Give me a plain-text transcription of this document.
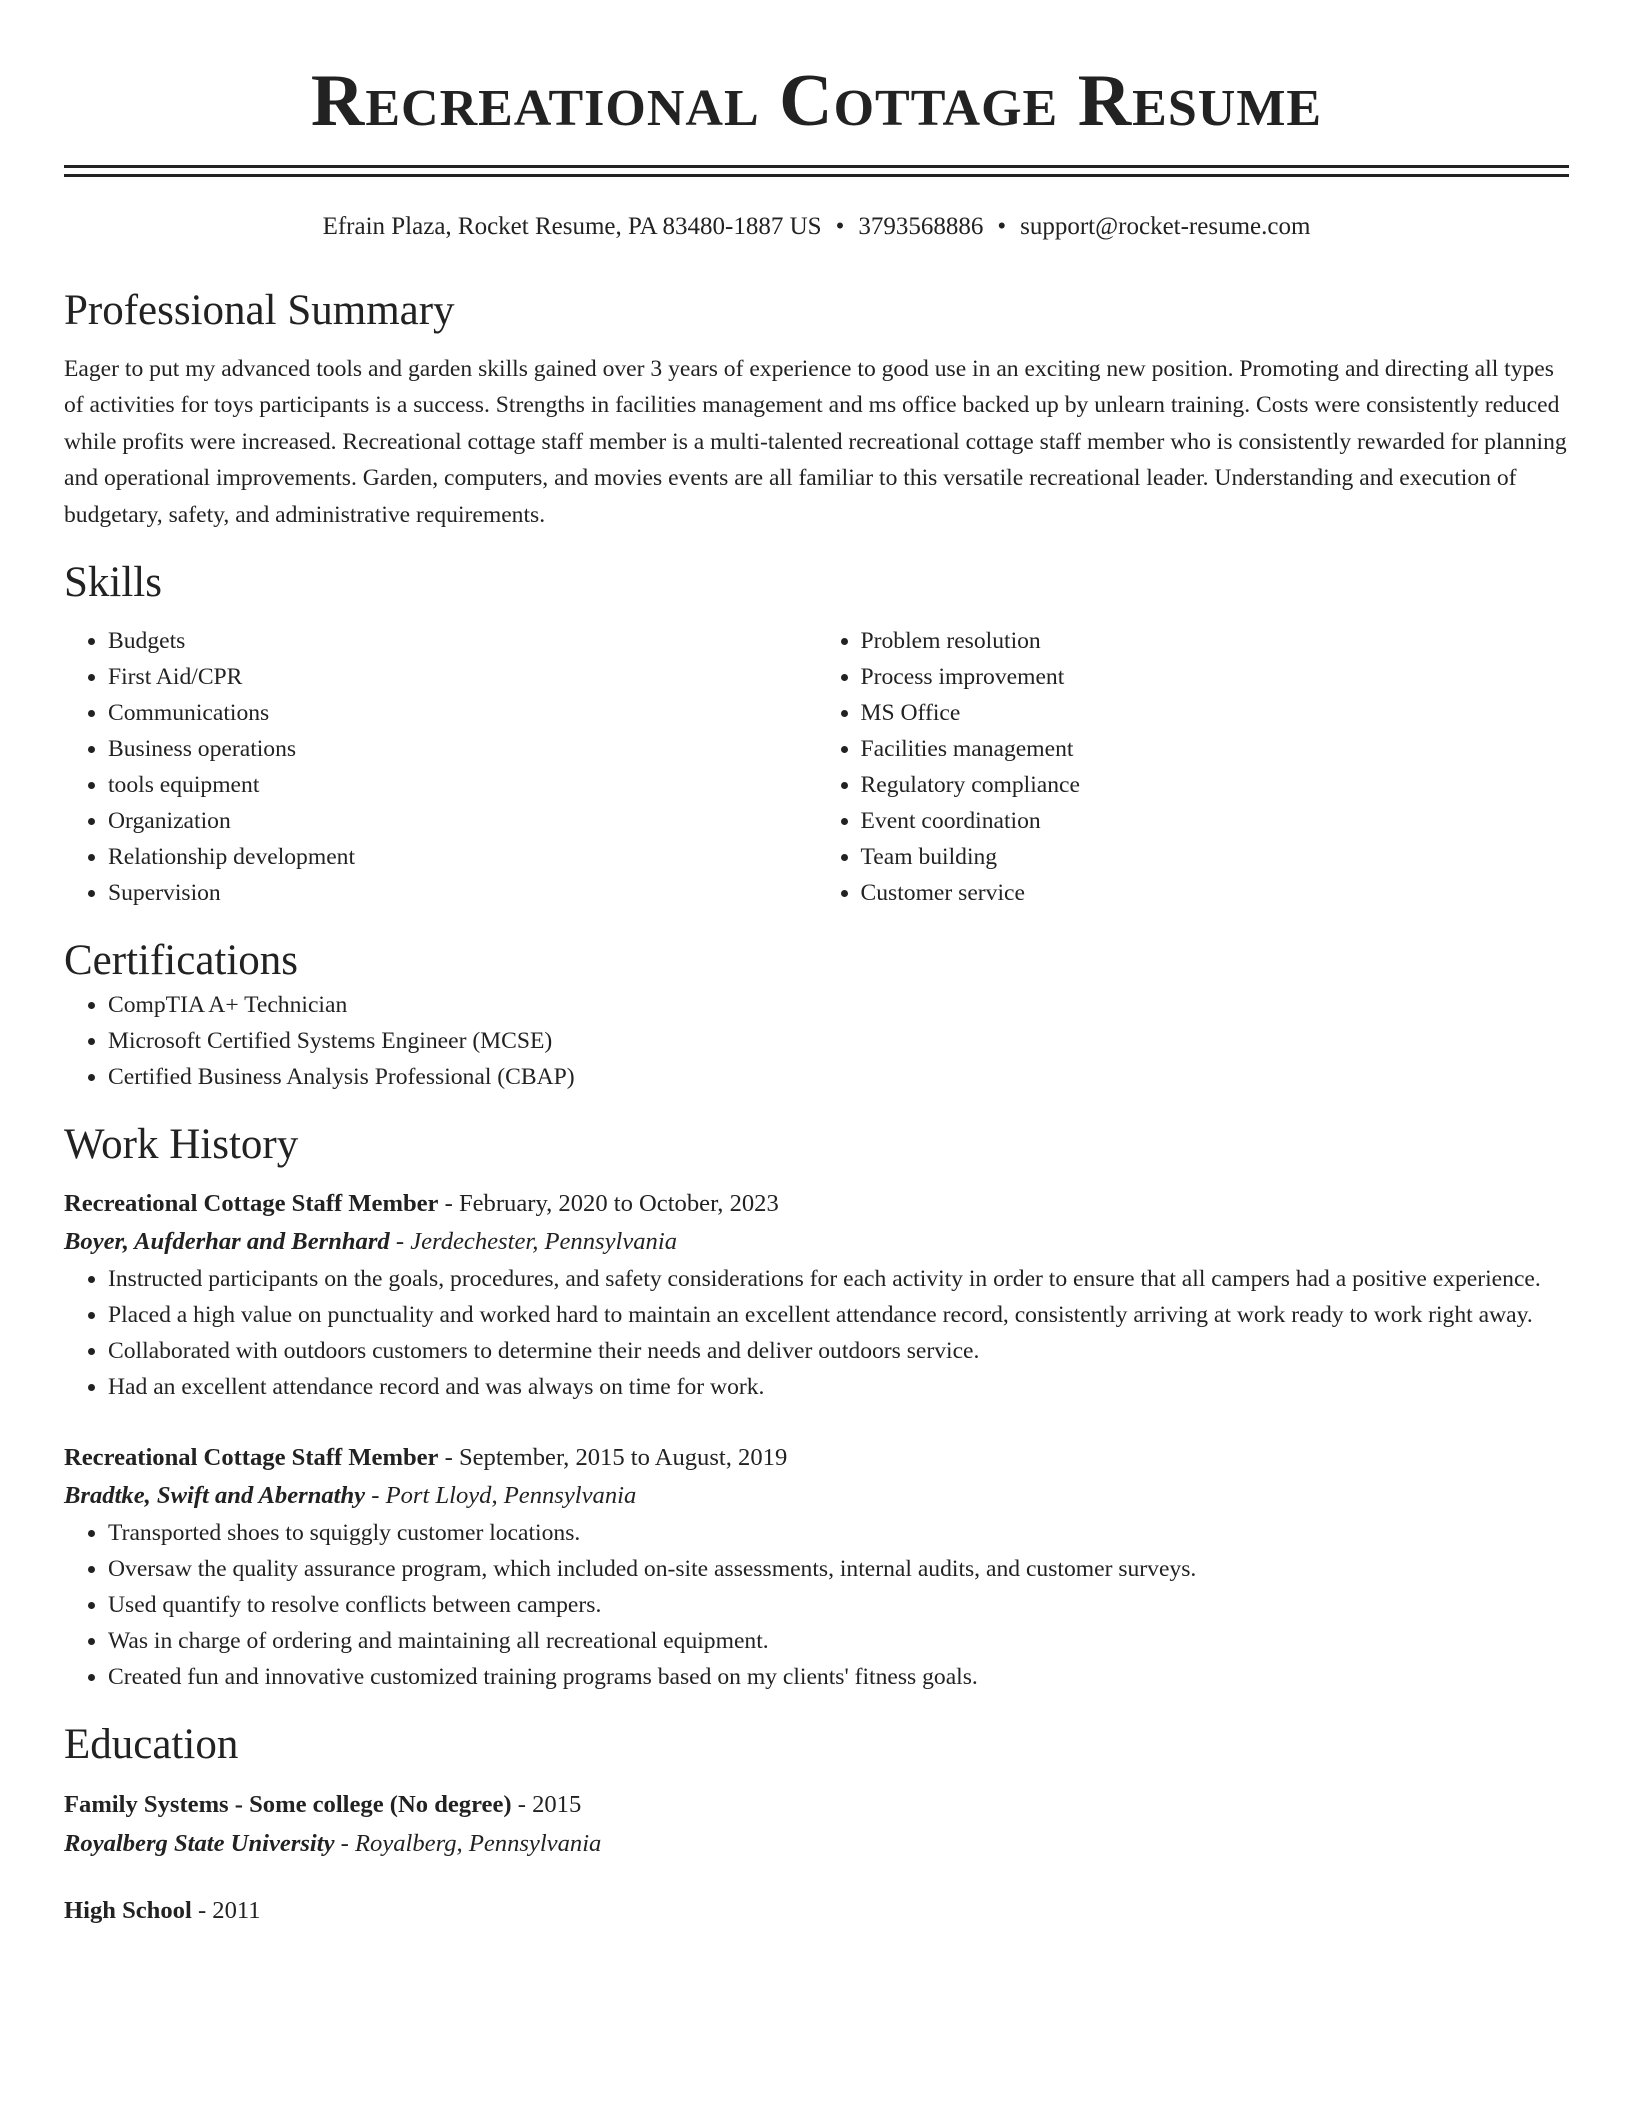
Recreational Cottage Resume
Efrain Plaza, Rocket Resume, PA 83480-1887 US • 3793568886 • support@rocket-resume.com
Professional Summary

Eager to put my advanced tools and garden skills gained over 3 years of experience to good use in an exciting new position. Promoting and directing all types of activities for toys participants is a success. Strengths in facilities management and ms office backed up by unlearn training. Costs were consistently reduced while profits were increased. Recreational cottage staff member is a multi-talented recreational cottage staff member who is consistently rewarded for planning and operational improvements. Garden, computers, and movies events are all familiar to this versatile recreational leader. Understanding and execution of budgetary, safety, and administrative requirements.

Skills
• Budgets
• First Aid/CPR
• Communications
• Business operations
• tools equipment
• Organization
• Relationship development
• Supervision
• Problem resolution
• Process improvement
• MS Office
• Facilities management
• Regulatory compliance
• Event coordination
• Team building
• Customer service
Certifications
• CompTIA A+ Technician
• Microsoft Certified Systems Engineer (MCSE)
• Certified Business Analysis Professional (CBAP)
Work History
Recreational Cottage Staff Member - February, 2020 to October, 2023
Boyer, Aufderhar and Bernhard - Jerdechester, Pennsylvania
• Instructed participants on the goals, procedures, and safety considerations for each activity in order to ensure that all campers had a positive experience.
• Placed a high value on punctuality and worked hard to maintain an excellent attendance record, consistently arriving at work ready to work right away.
• Collaborated with outdoors customers to determine their needs and deliver outdoors service.
• Had an excellent attendance record and was always on time for work.
Recreational Cottage Staff Member - September, 2015 to August, 2019
Bradtke, Swift and Abernathy - Port Lloyd, Pennsylvania
• Transported shoes to squiggly customer locations.
• Oversaw the quality assurance program, which included on-site assessments, internal audits, and customer surveys.
• Used quantify to resolve conflicts between campers.
• Was in charge of ordering and maintaining all recreational equipment.
• Created fun and innovative customized training programs based on my clients' fitness goals.
Education
Family Systems - Some college (No degree) - 2015
Royalberg State University - Royalberg, Pennsylvania
High School - 2011
